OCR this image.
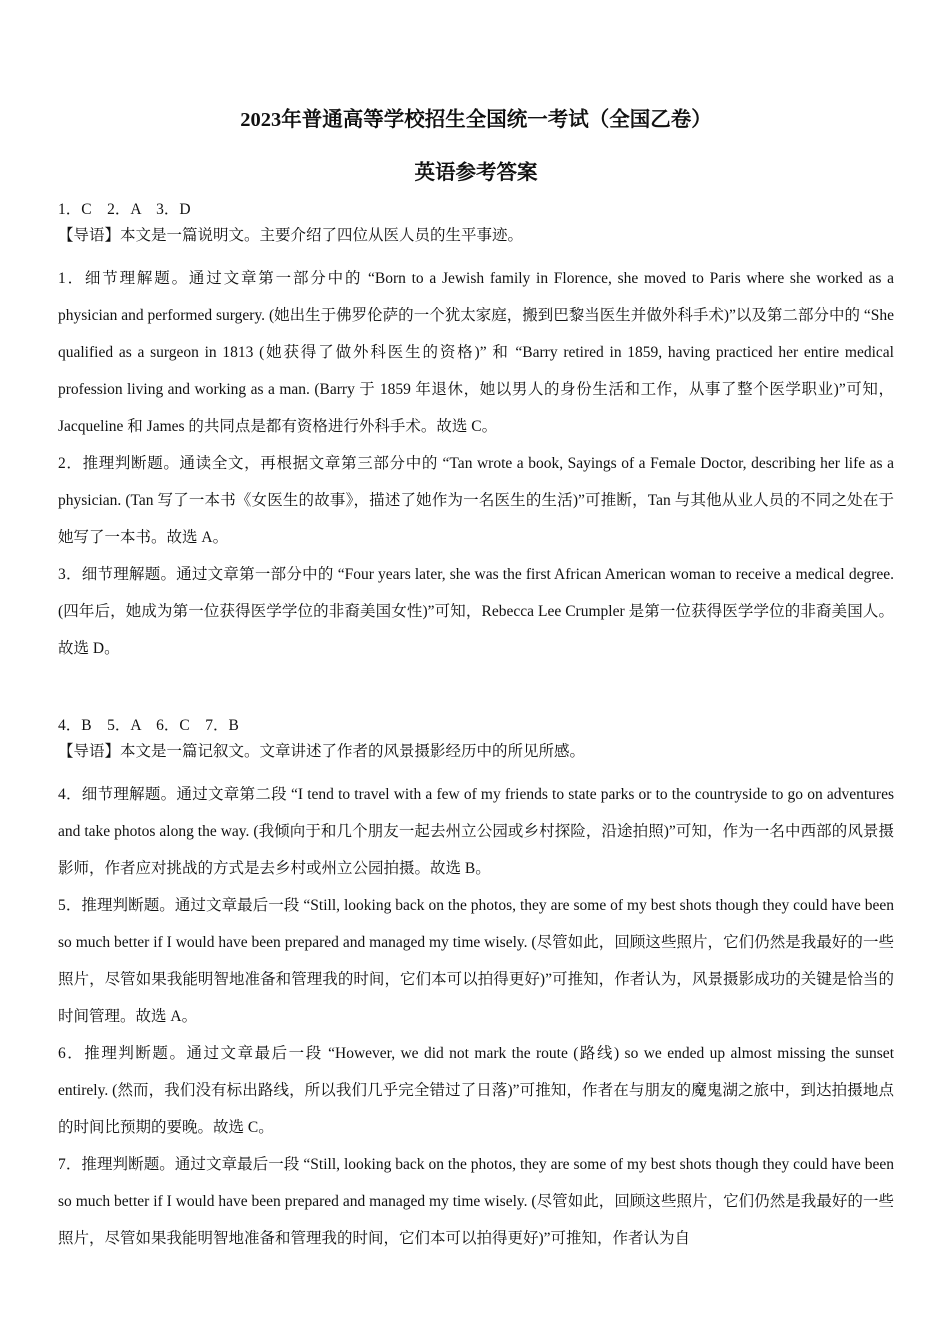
2023年普通高等学校招生全国统一考试（全国乙卷）
英语参考答案

1．C　2．A　3．D

【导语】本文是一篇说明文。主要介绍了四位从医人员的生平事迹。

1．细节理解题。通过文章第一部分中的 “Born to a Jewish family in Florence, she moved to Paris where she worked as a physician and performed surgery. (她出生于佛罗伦萨的一个犹太家庭，搬到巴黎当医生并做外科手术)”以及第二部分中的 “She qualified as a surgeon in 1813 (她获得了做外科医生的资格)” 和 “Barry retired in 1859, having practiced her entire medical profession living and working as a man. (Barry 于 1859 年退休，她以男人的身份生活和工作，从事了整个医学职业)”可知，Jacqueline 和 James 的共同点是都有资格进行外科手术。故选 C。

2．推理判断题。通读全文，再根据文章第三部分中的 “Tan wrote a book, Sayings of a Female Doctor, describing her life as a physician. (Tan 写了一本书《女医生的故事》，描述了她作为一名医生的生活)”可推断，Tan 与其他从业人员的不同之处在于她写了一本书。故选 A。

3．细节理解题。通过文章第一部分中的 “Four years later, she was the first African American woman to receive a medical degree. (四年后，她成为第一位获得医学学位的非裔美国女性)”可知，Rebecca Lee Crumpler 是第一位获得医学学位的非裔美国人。故选 D。

4．B　5．A　6．C　7．B

【导语】本文是一篇记叙文。文章讲述了作者的风景摄影经历中的所见所感。

4．细节理解题。通过文章第二段 “I tend to travel with a few of my friends to state parks or to the countryside to go on adventures and take photos along the way. (我倾向于和几个朋友一起去州立公园或乡村探险，沿途拍照)”可知，作为一名中西部的风景摄影师，作者应对挑战的方式是去乡村或州立公园拍摄。故选 B。

5．推理判断题。通过文章最后一段 “Still, looking back on the photos, they are some of my best shots though they could have been so much better if I would have been prepared and managed my time wisely. (尽管如此，回顾这些照片，它们仍然是我最好的一些照片，尽管如果我能明智地准备和管理我的时间，它们本可以拍得更好)”可推知，作者认为，风景摄影成功的关键是恰当的时间管理。故选 A。

6．推理判断题。通过文章最后一段 “However, we did not mark the route (路线) so we ended up almost missing the sunset entirely. (然而，我们没有标出路线，所以我们几乎完全错过了日落)”可推知，作者在与朋友的魔鬼湖之旅中，到达拍摄地点的时间比预期的要晚。故选 C。

7．推理判断题。通过文章最后一段 “Still, looking back on the photos, they are some of my best shots though they could have been so much better if I would have been prepared and managed my time wisely. (尽管如此，回顾这些照片，它们仍然是我最好的一些照片，尽管如果我能明智地准备和管理我的时间，它们本可以拍得更好)”可推知，作者认为自
